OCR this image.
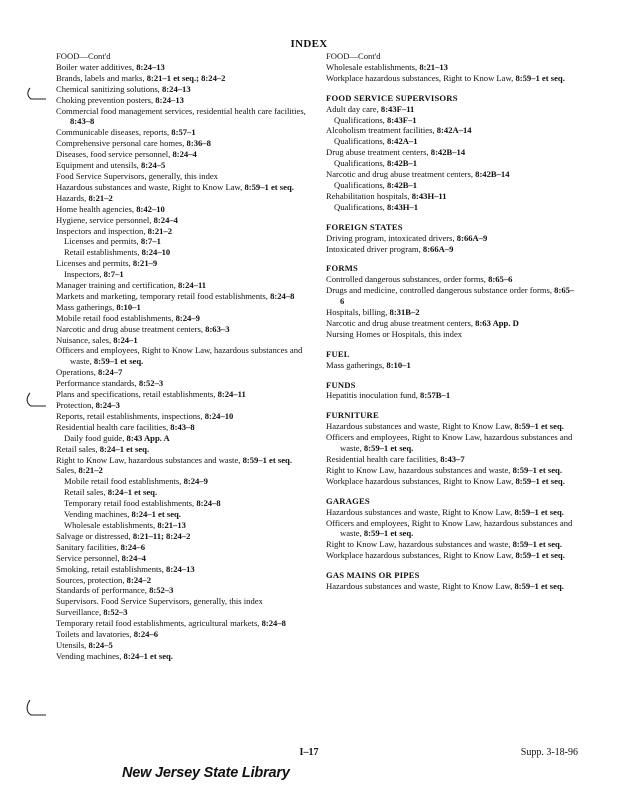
INDEX
FOOD—Cont'd
Boiler water additives, 8:24–13
Brands, labels and marks, 8:21–1 et seq.; 8:24–2
Chemical sanitizing solutions, 8:24–13
Choking prevention posters, 8:24–13
Commercial food management services, residential health care facilities, 8:43–8
Communicable diseases, reports, 8:57–1
Comprehensive personal care homes, 8:36–8
Diseases, food service personnel, 8:24–4
Equipment and utensils, 8:24–5
Food Service Supervisors, generally, this index
Hazardous substances and waste, Right to Know Law, 8:59–1 et seq.
Hazards, 8:21–2
Home health agencies, 8:42–10
Hygiene, service personnel, 8:24–4
Inspectors and inspection, 8:21–2
Licenses and permits, 8:7–1
Retail establishments, 8:24–10
Licenses and permits, 8:21–9
Inspectors, 8:7–1
Manager training and certification, 8:24–11
Markets and marketing, temporary retail food establishments, 8:24–8
Mass gatherings, 8:10–1
Mobile retail food establishments, 8:24–9
Narcotic and drug abuse treatment centers, 8:63–3
Nuisance, sales, 8:24–1
Officers and employees, Right to Know Law, hazardous substances and waste, 8:59–1 et seq.
Operations, 8:24–7
Performance standards, 8:52–3
Plans and specifications, retail establishments, 8:24–11
Protection, 8:24–3
Reports, retail establishments, inspections, 8:24–10
Residential health care facilities, 8:43–8
Daily food guide, 8:43 App. A
Retail sales, 8:24–1 et seq.
Right to Know Law, hazardous substances and waste, 8:59–1 et seq.
Sales, 8:21–2
Mobile retail food establishments, 8:24–9
Retail sales, 8:24–1 et seq.
Temporary retail food establishments, 8:24–8
Vending machines, 8:24–1 et seq.
Wholesale establishments, 8:21–13
Salvage or distressed, 8:21–11; 8:24–2
Sanitary facilities, 8:24–6
Service personnel, 8:24–4
Smoking, retail establishments, 8:24–13
Sources, protection, 8:24–2
Standards of performance, 8:52–3
Supervisors. Food Service Supervisors, generally, this index
Surveillance, 8:52–3
Temporary retail food establishments, agricultural markets, 8:24–8
Toilets and lavatories, 8:24–6
Utensils, 8:24–5
Vending machines, 8:24–1 et seq.
FOOD—Cont'd
Wholesale establishments, 8:21–13
Workplace hazardous substances, Right to Know Law, 8:59–1 et seq.
FOOD SERVICE SUPERVISORS
Adult day care, 8:43F–11
Qualifications, 8:43F–1
Alcoholism treatment facilities, 8:42A–14
Qualifications, 8:42A–1
Drug abuse treatment centers, 8:42B–14
Qualifications, 8:42B–1
Narcotic and drug abuse treatment centers, 8:42B–14
Qualifications, 8:42B–1
Rehabilitation hospitals, 8:43H–11
Qualifications, 8:43H–1
FOREIGN STATES
Driving program, intoxicated drivers, 8:66A–9
Intoxicated driver program, 8:66A–9
FORMS
Controlled dangerous substances, order forms, 8:65–6
Drugs and medicine, controlled dangerous substance order forms, 8:65–6
Hospitals, billing, 8:31B–2
Narcotic and drug abuse treatment centers, 8:63 App. D
Nursing Homes or Hospitals, this index
FUEL
Mass gatherings, 8:10–1
FUNDS
Hepatitis inoculation fund, 8:57B–1
FURNITURE
Hazardous substances and waste, Right to Know Law, 8:59–1 et seq.
Officers and employees, Right to Know Law, hazardous substances and waste, 8:59–1 et seq.
Residential health care facilities, 8:43–7
Right to Know Law, hazardous substances and waste, 8:59–1 et seq.
Workplace hazardous substances, Right to Know Law, 8:59–1 et seq.
GARAGES
Hazardous substances and waste, Right to Know Law, 8:59–1 et seq.
Officers and employees, Right to Know Law, hazardous substances and waste, 8:59–1 et seq.
Right to Know Law, hazardous substances and waste, 8:59–1 et seq.
Workplace hazardous substances, Right to Know Law, 8:59–1 et seq.
GAS MAINS OR PIPES
Hazardous substances and waste, Right to Know Law, 8:59–1 et seq.
I–17	Supp. 3-18-96
New Jersey State Library
